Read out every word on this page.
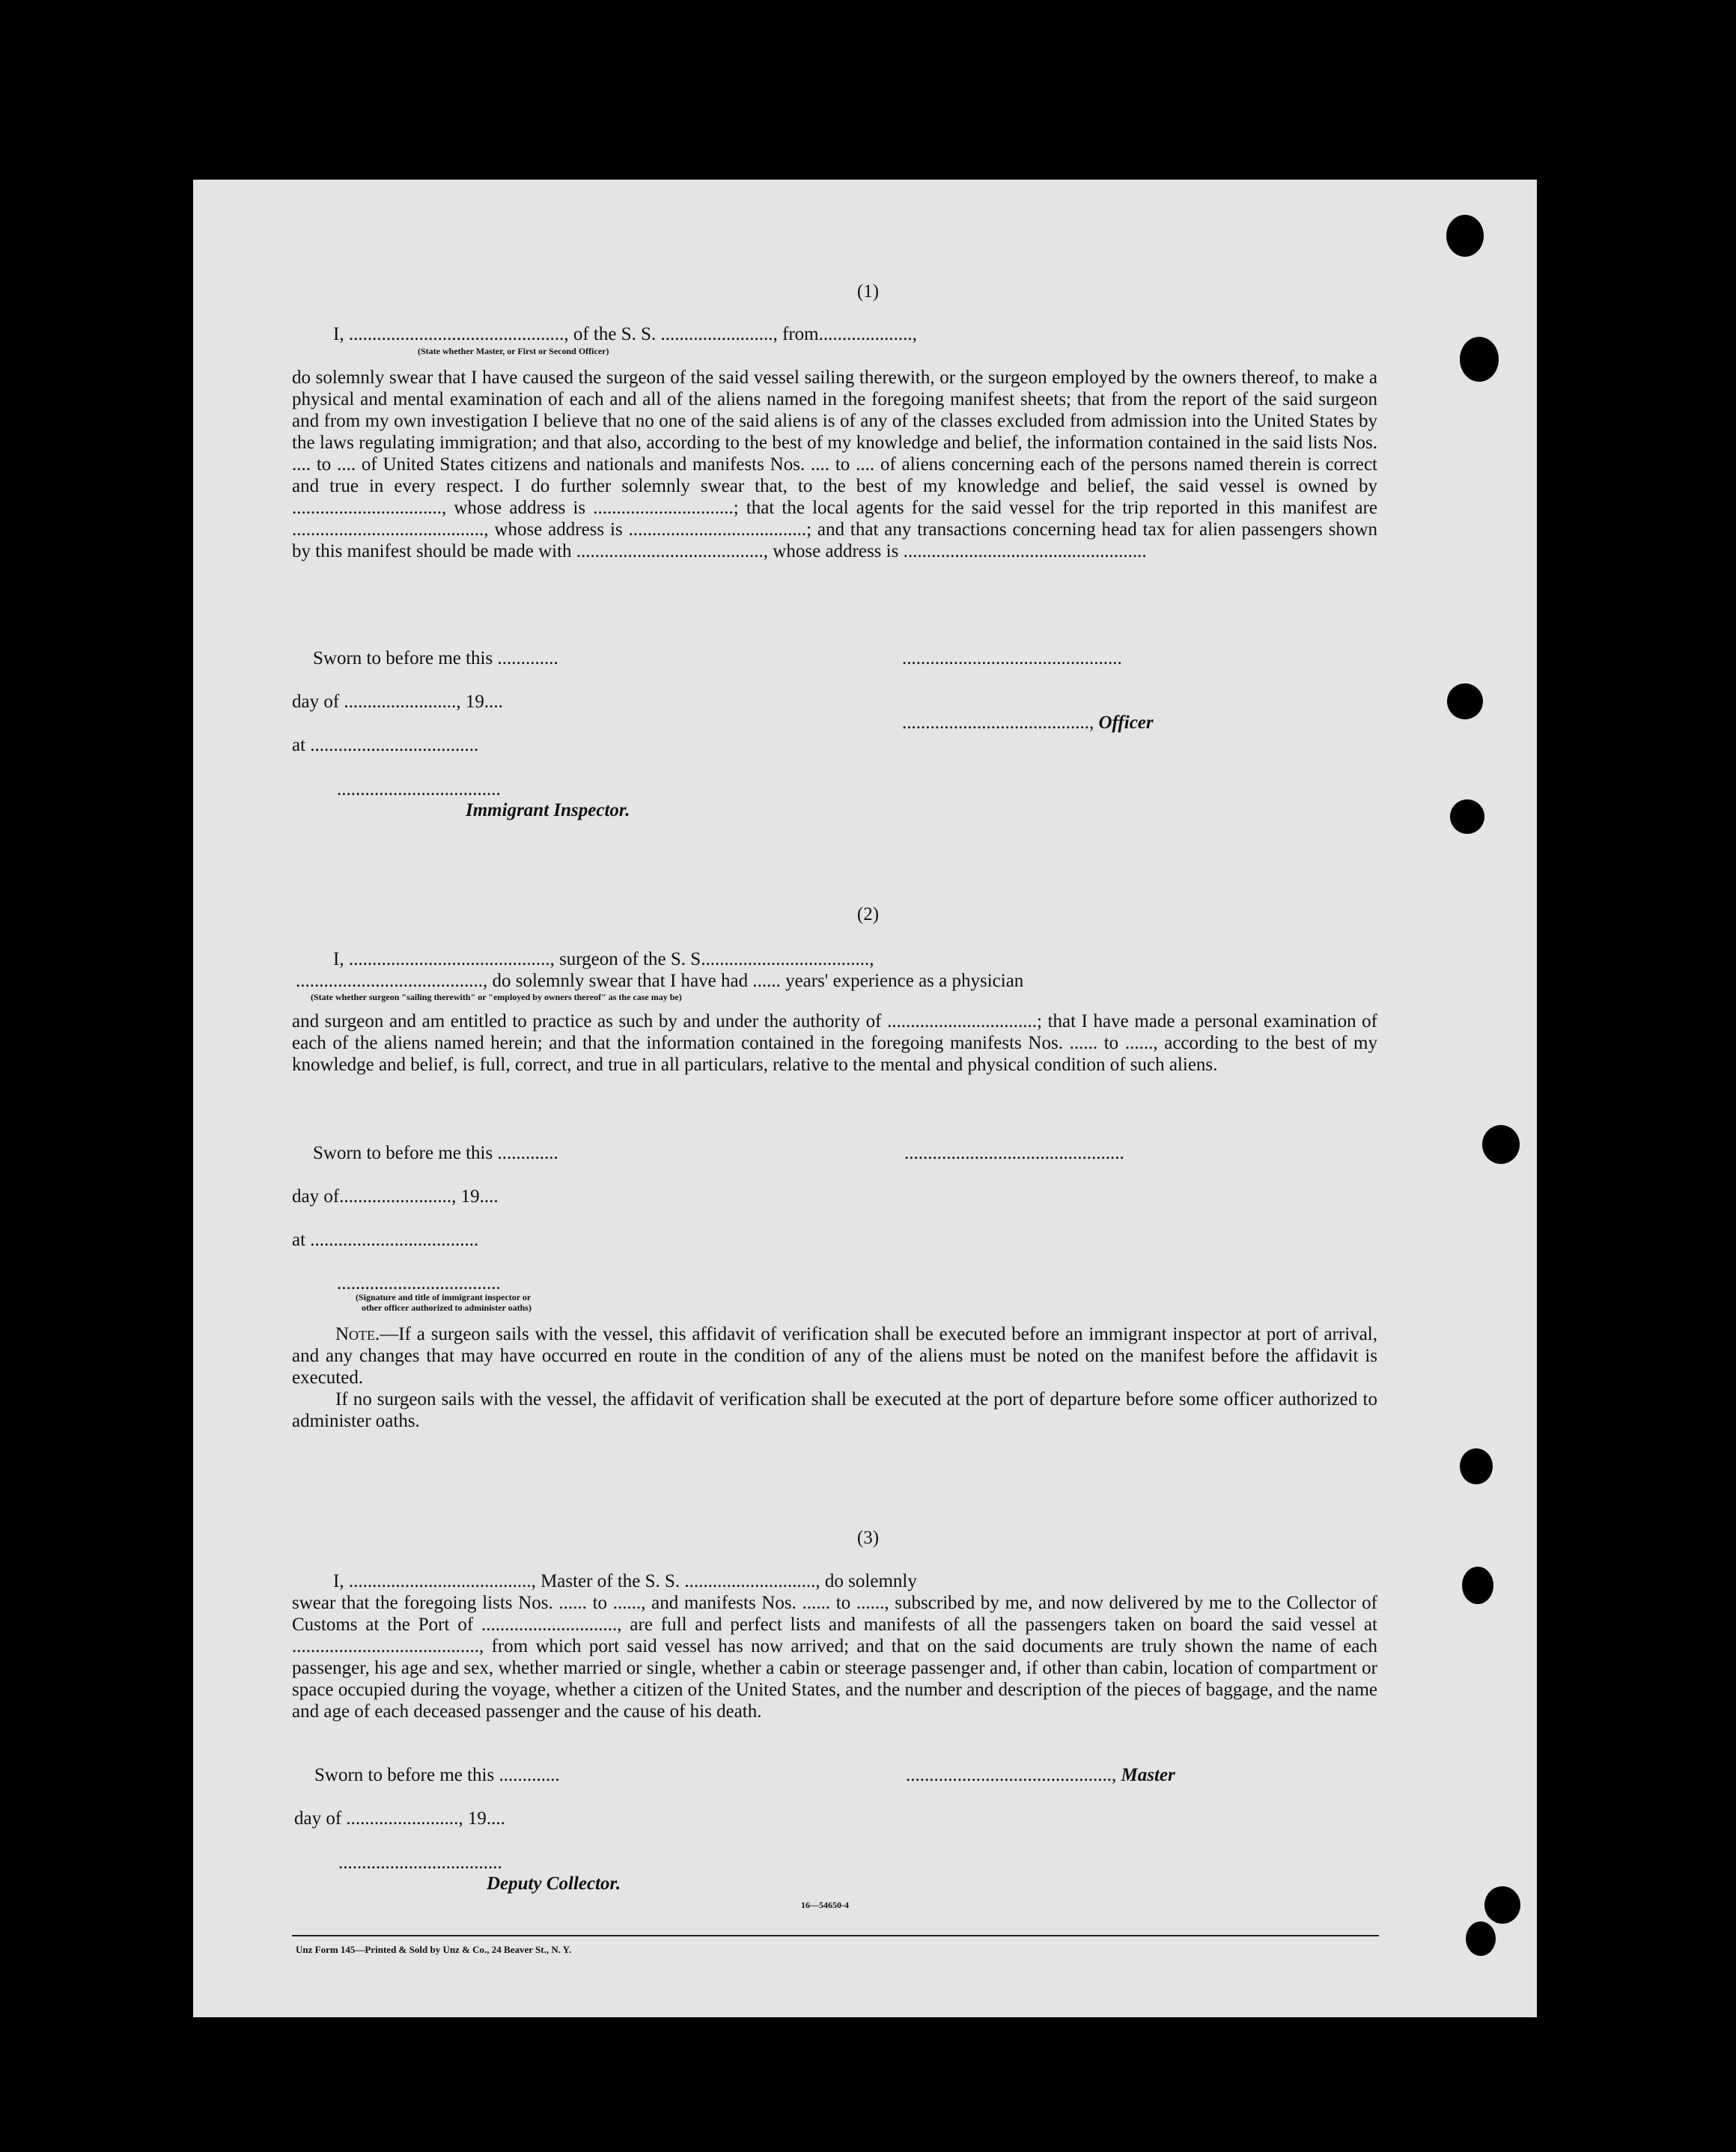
(1)
I, .............................................., of the S. S. ........................, from....................,
(State whether Master, or First or Second Officer)
do solemnly swear that I have caused the surgeon of the said vessel sailing therewith, or the surgeon employed by the owners thereof, to make a physical and mental examination of each and all of the aliens named in the foregoing manifest sheets; that from the report of the said surgeon and from my own investigation I believe that no one of the said aliens is of any of the classes excluded from admission into the United States by the laws regulating immigration; and that also, according to the best of my knowledge and belief, the information contained in the said lists Nos. .... to .... of United States citizens and nationals and manifests Nos. .... to .... of aliens concerning each of the persons named therein is correct and true in every respect. I do further solemnly swear that, to the best of my knowledge and belief, the said vessel is owned by ................................, whose address is ..............................; that the local agents for the said vessel for the trip reported in this manifest are ........................................., whose address is ......................................; and that any transactions concerning head tax for alien passengers shown by this manifest should be made with ........................................, whose address is ....................................................
Sworn to before me this .............	...............................................
day of ........................, 19....
........................................, Officer
at ....................................
...................................
Immigrant Inspector.
(2)
I, ..........................................., surgeon of the S. S....................................,
........................................, do solemnly swear that I have had ...... years' experience as a physician
(State whether surgeon "sailing therewith" or "employed by owners thereof" as the case may be)
and surgeon and am entitled to practice as such by and under the authority of ................................; that I have made a personal examination of each of the aliens named herein; and that the information contained in the foregoing manifests Nos. ...... to ......, according to the best of my knowledge and belief, is full, correct, and true in all particulars, relative to the mental and physical condition of such aliens.
Sworn to before me this .............	...............................................
day of........................, 19....
at ....................................
...................................
(Signature and title of immigrant inspector or
other officer authorized to administer oaths)
Note.—If a surgeon sails with the vessel, this affidavit of verification shall be executed before an immigrant inspector at port of arrival, and any changes that may have occurred en route in the condition of any of the aliens must be noted on the manifest before the affidavit is executed.
If no surgeon sails with the vessel, the affidavit of verification shall be executed at the port of departure before some officer authorized to administer oaths.
(3)
I, ......................................., Master of the S. S. ............................, do solemnly
swear that the foregoing lists Nos. ...... to ......, and manifests Nos. ...... to ......, subscribed by me, and now delivered by me to the Collector of Customs at the Port of ............................., are full and perfect lists and manifests of all the passengers taken on board the said vessel at ........................................, from which port said vessel has now arrived; and that on the said documents are truly shown the name of each passenger, his age and sex, whether married or single, whether a cabin or steerage passenger and, if other than cabin, location of compartment or space occupied during the voyage, whether a citizen of the United States, and the number and description of the pieces of baggage, and the name and age of each deceased passenger and the cause of his death.
Sworn to before me this .............	............................................, Master
day of ........................, 19....
...................................
Deputy Collector.
16—54650-4
Unz Form 145—Printed & Sold by Unz & Co., 24 Beaver St., N. Y.
